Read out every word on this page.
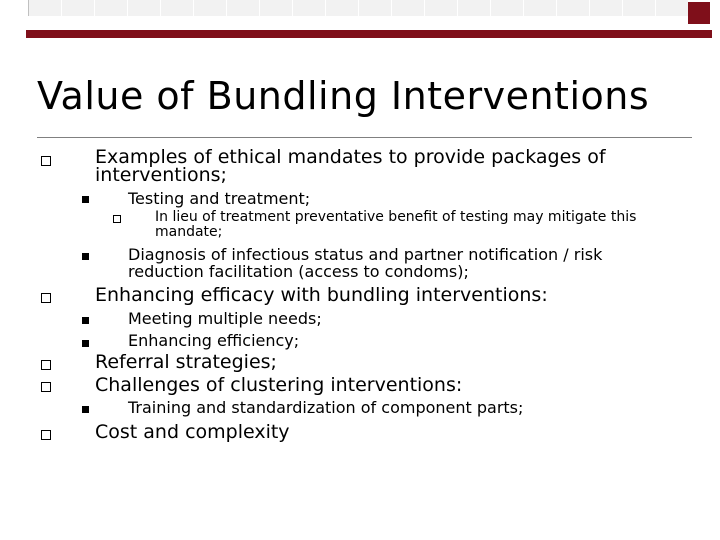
Value of Bundling Interventions
Examples of ethical mandates to provide packages of
interventions;
Testing and treatment;
In lieu of treatment preventative benefit of testing may mitigate this
mandate;
Diagnosis of infectious status and partner notification / risk
reduction facilitation (access to condoms);
Enhancing efficacy with bundling interventions:
Meeting multiple needs;
Enhancing efficiency;
Referral strategies;
Challenges of clustering interventions:
Training and standardization of component parts;
Cost and complexity
